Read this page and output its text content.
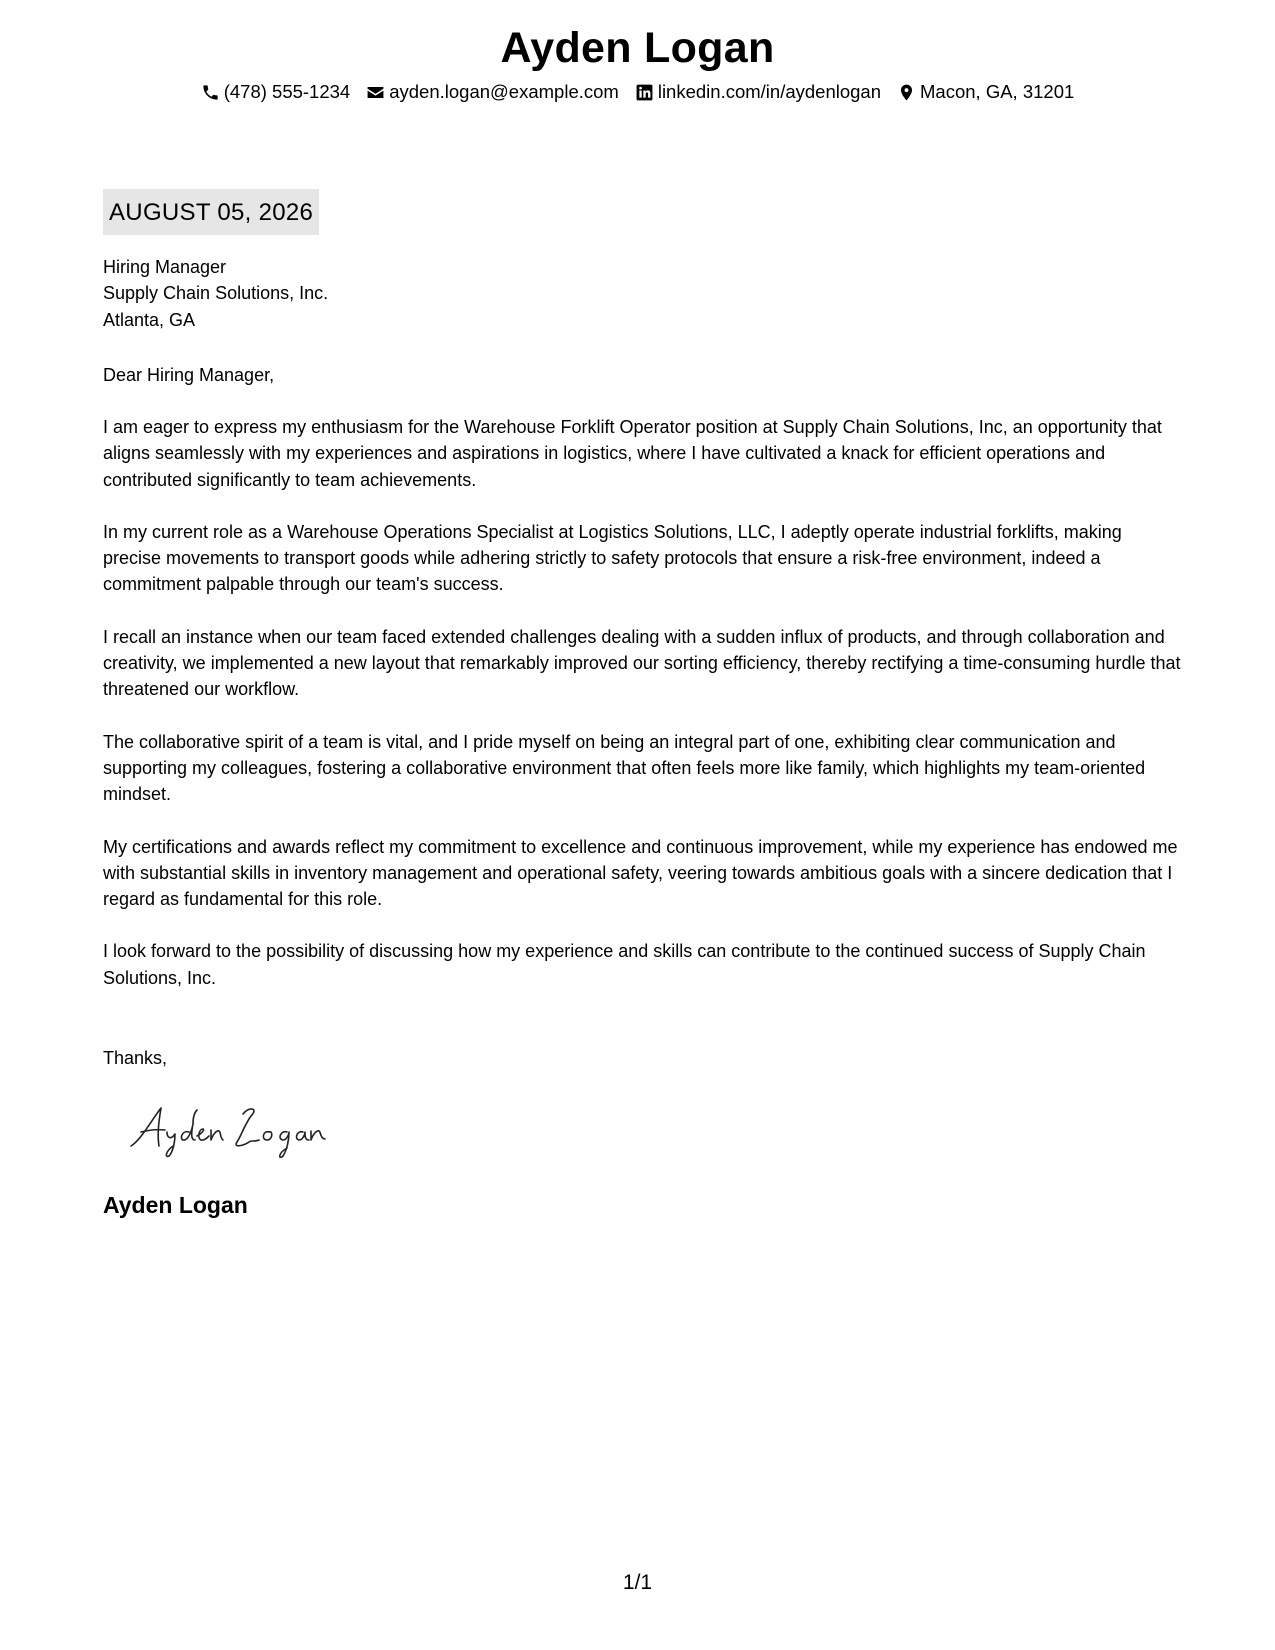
Ayden Logan
(478) 555-1234 ayden.logan@example.com linkedin.com/in/aydenlogan Macon, GA, 31201
AUGUST 05, 2026
Hiring Manager
Supply Chain Solutions, Inc.
Atlanta, GA
Dear Hiring Manager,

I am eager to express my enthusiasm for the Warehouse Forklift Operator position at Supply Chain Solutions, Inc, an opportunity that aligns seamlessly with my experiences and aspirations in logistics, where I have cultivated a knack for efficient operations and contributed significantly to team achievements.

In my current role as a Warehouse Operations Specialist at Logistics Solutions, LLC, I adeptly operate industrial forklifts, making precise movements to transport goods while adhering strictly to safety protocols that ensure a risk-free environment, indeed a commitment palpable through our team's success.

I recall an instance when our team faced extended challenges dealing with a sudden influx of products, and through collaboration and creativity, we implemented a new layout that remarkably improved our sorting efficiency, thereby rectifying a time-consuming hurdle that threatened our workflow.

The collaborative spirit of a team is vital, and I pride myself on being an integral part of one, exhibiting clear communication and supporting my colleagues, fostering a collaborative environment that often feels more like family, which highlights my team-oriented mindset.

My certifications and awards reflect my commitment to excellence and continuous improvement, while my experience has endowed me with substantial skills in inventory management and operational safety, veering towards ambitious goals with a sincere dedication that I regard as fundamental for this role.

I look forward to the possibility of discussing how my experience and skills can contribute to the continued success of Supply Chain Solutions, Inc.

Thanks,
Ayden Logan
1/1
